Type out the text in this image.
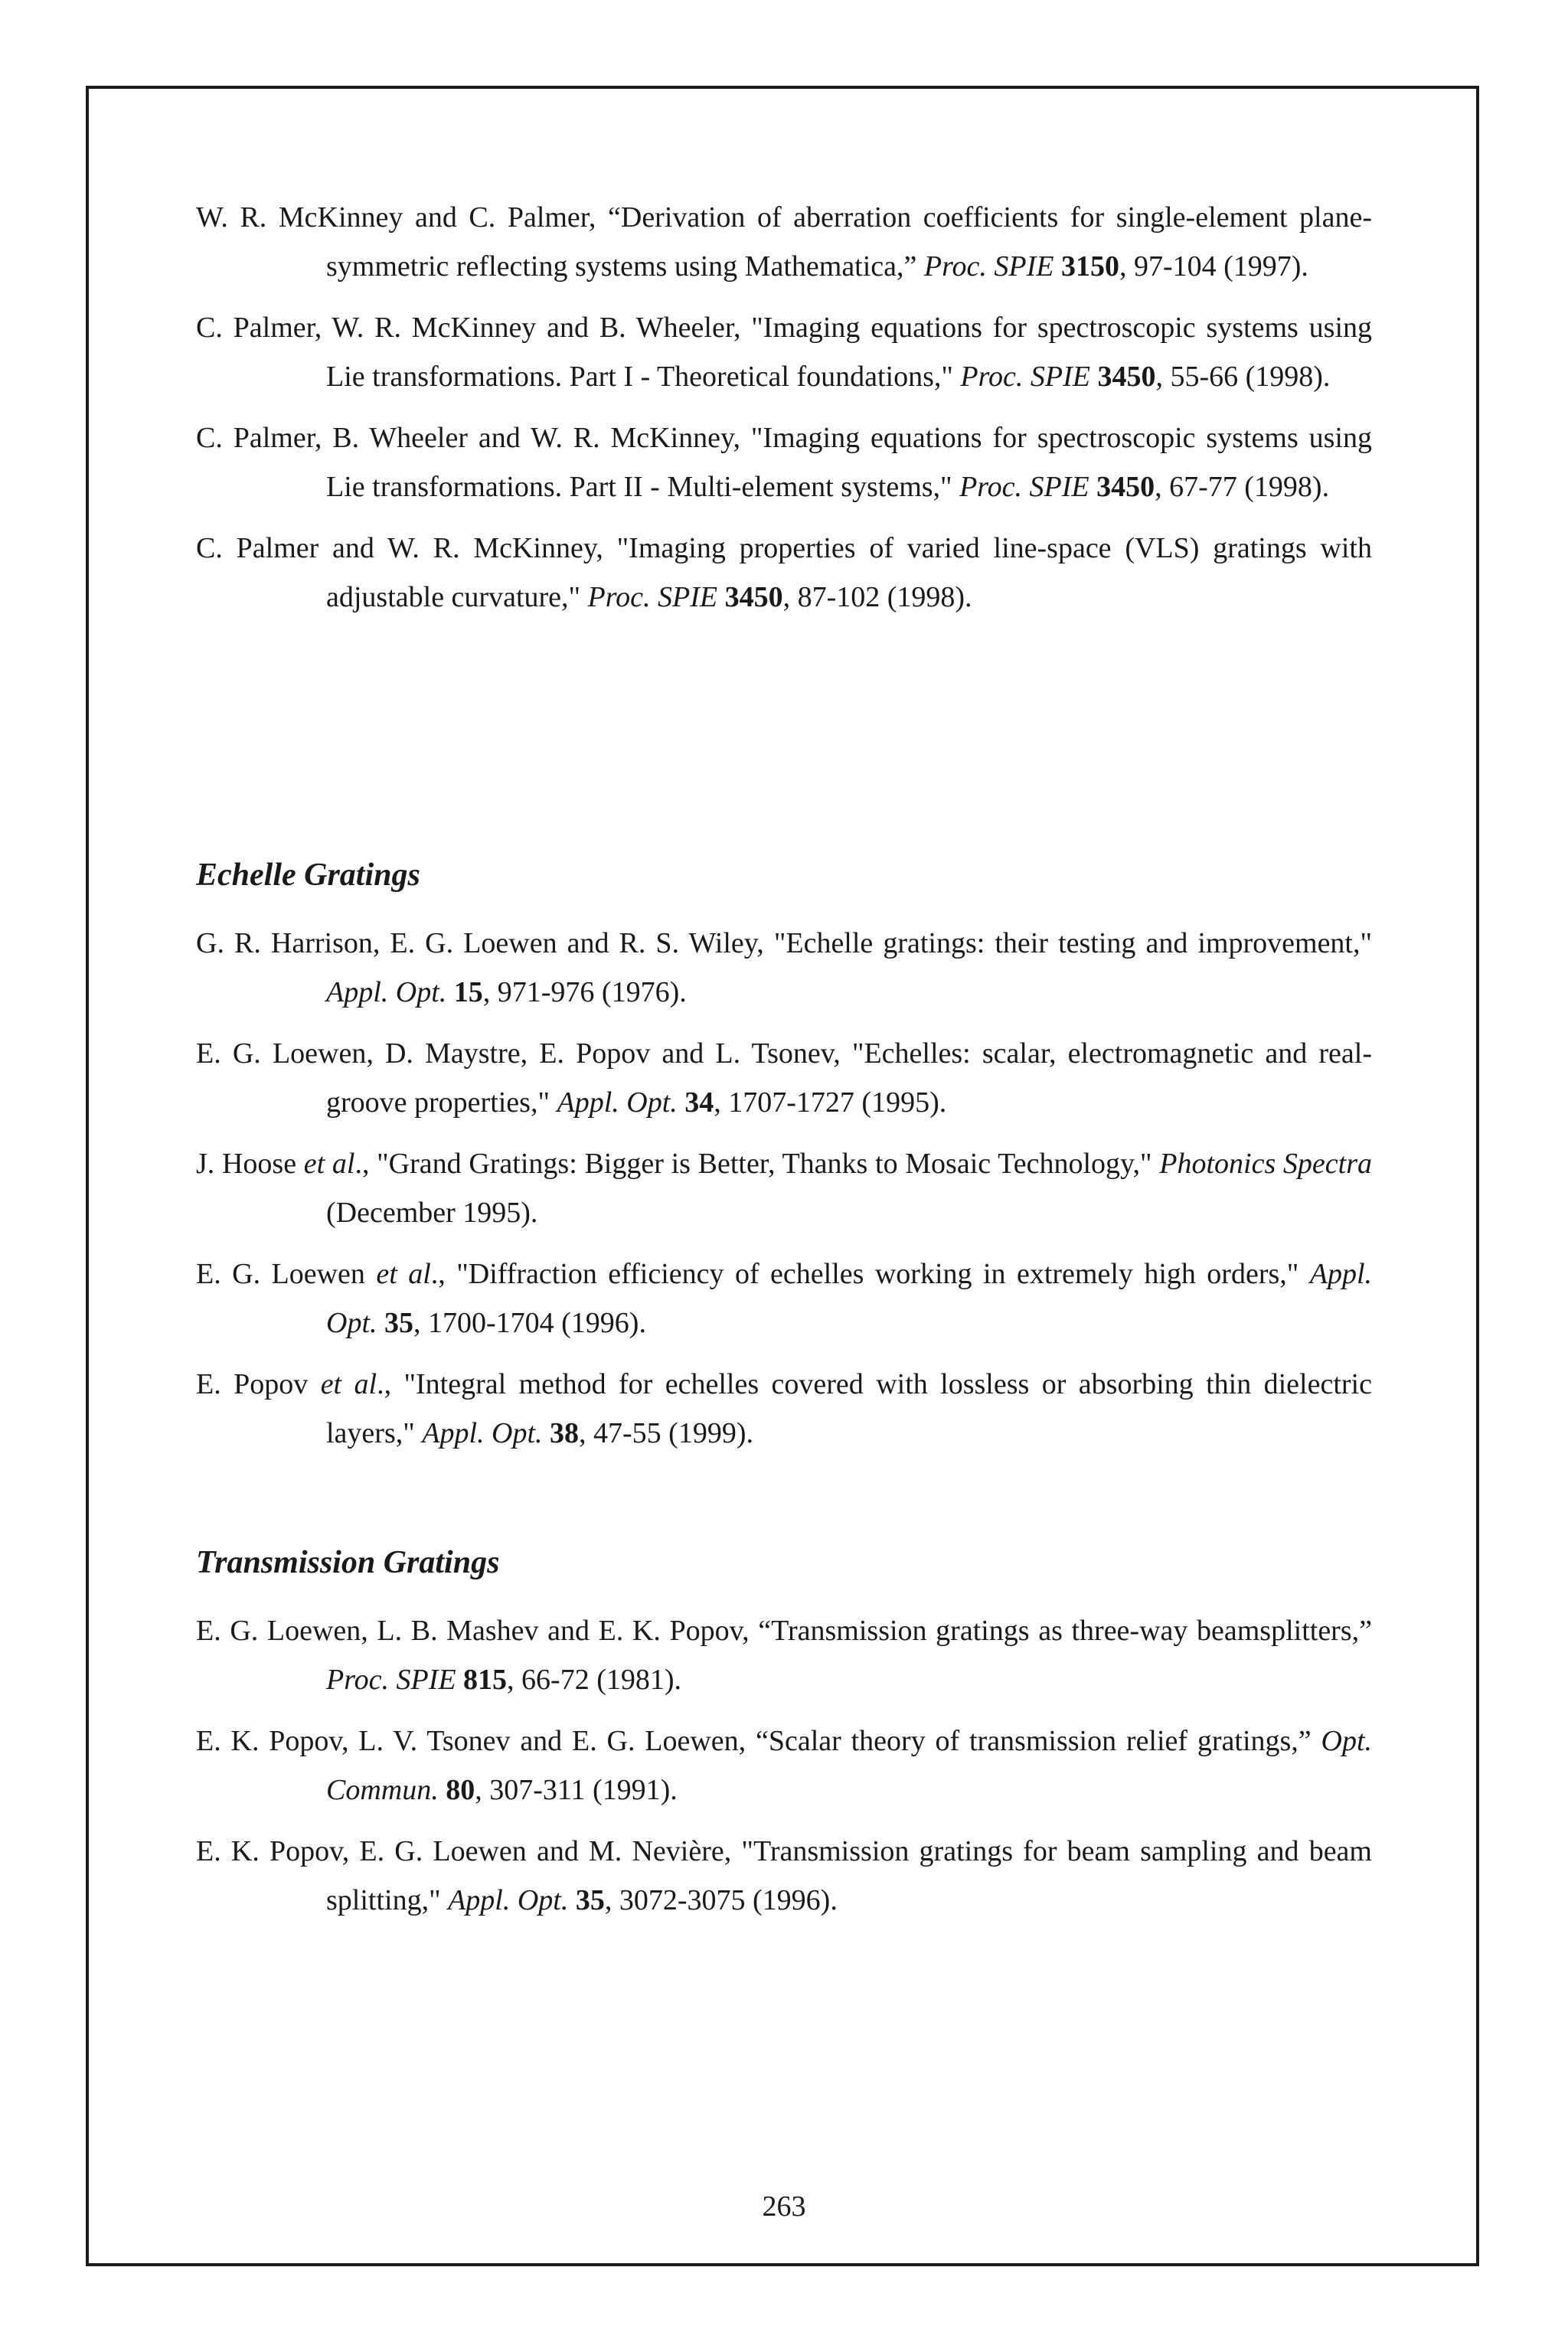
W. R. McKinney and C. Palmer, “Derivation of aberration coefficients for single-element plane-symmetric reflecting systems using Mathematica,” Proc. SPIE 3150, 97-104 (1997).

C. Palmer, W. R. McKinney and B. Wheeler, "Imaging equations for spectroscopic systems using Lie transformations. Part I - Theoretical foundations," Proc. SPIE 3450, 55-66 (1998).

C. Palmer, B. Wheeler and W. R. McKinney, "Imaging equations for spectroscopic systems using Lie transformations. Part II - Multi-element systems," Proc. SPIE 3450, 67-77 (1998).

C. Palmer and W. R. McKinney, "Imaging properties of varied line-space (VLS) gratings with adjustable curvature," Proc. SPIE 3450, 87-102 (1998).

Echelle Gratings

G. R. Harrison, E. G. Loewen and R. S. Wiley, "Echelle gratings: their testing and improvement," Appl. Opt. 15, 971-976 (1976).

E. G. Loewen, D. Maystre, E. Popov and L. Tsonev, "Echelles: scalar, electromagnetic and real-groove properties," Appl. Opt. 34, 1707-1727 (1995).

J. Hoose et al., "Grand Gratings: Bigger is Better, Thanks to Mosaic Technology," Photonics Spectra (December 1995).

E. G. Loewen et al., "Diffraction efficiency of echelles working in extremely high orders," Appl. Opt. 35, 1700-1704 (1996).

E. Popov et al., "Integral method for echelles covered with lossless or absorbing thin dielectric layers," Appl. Opt. 38, 47-55 (1999).

Transmission Gratings

E. G. Loewen, L. B. Mashev and E. K. Popov, “Transmission gratings as three-way beamsplitters,” Proc. SPIE 815, 66-72 (1981).

E. K. Popov, L. V. Tsonev and E. G. Loewen, “Scalar theory of transmission relief gratings,” Opt. Commun. 80, 307-311 (1991).

E. K. Popov, E. G. Loewen and M. Nevière, "Transmission gratings for beam sampling and beam splitting," Appl. Opt. 35, 3072-3075 (1996).

263
